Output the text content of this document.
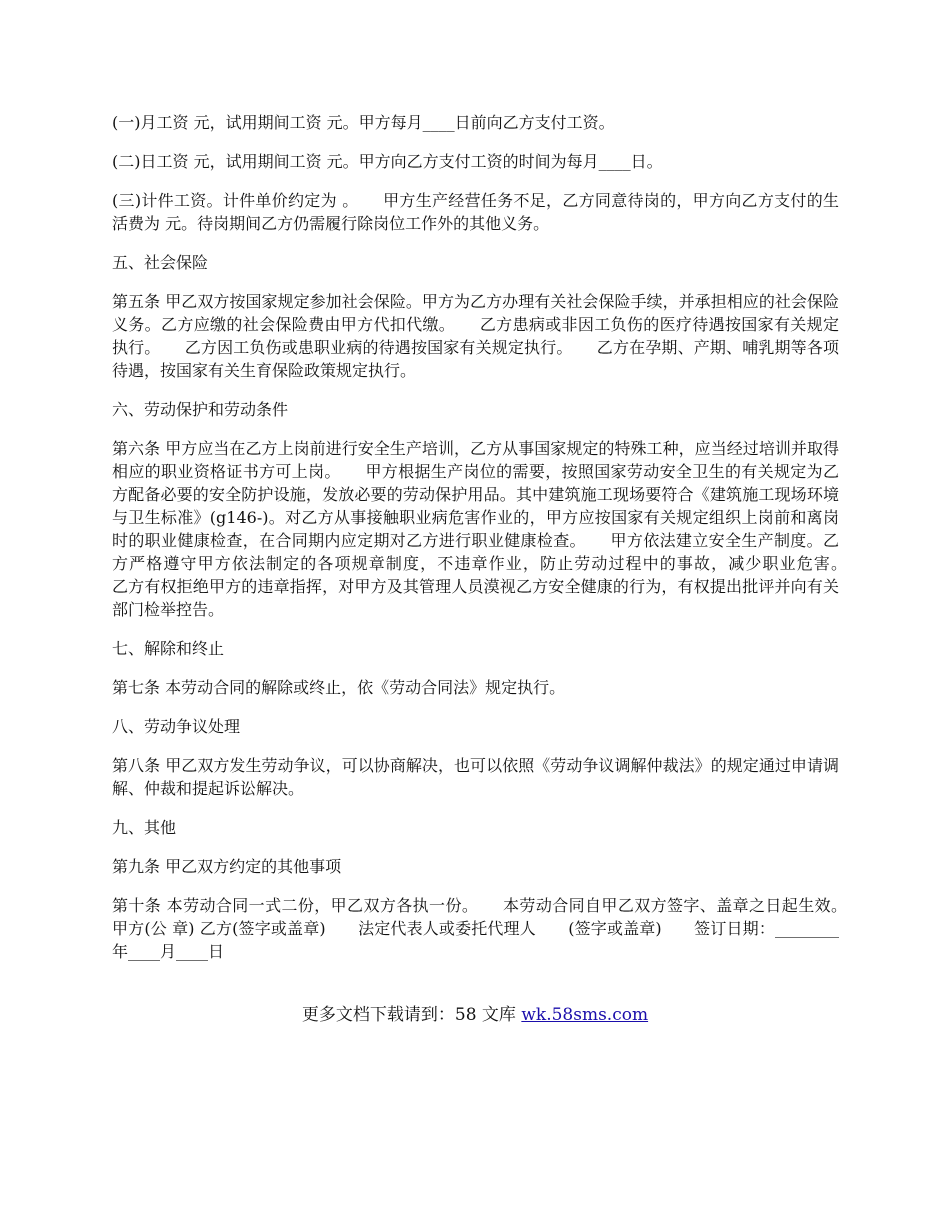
(一)月工资 元，试用期间工资 元。甲方每月____日前向乙方支付工资。

(二)日工资 元，试用期间工资 元。甲方向乙方支付工资的时间为每月____日。

(三)计件工资。计件单价约定为 。　　甲方生产经营任务不足，乙方同意待岗的，甲方向乙方支付的生活费为 元。待岗期间乙方仍需履行除岗位工作外的其他义务。

五、社会保险

第五条 甲乙双方按国家规定参加社会保险。甲方为乙方办理有关社会保险手续，并承担相应的社会保险义务。乙方应缴的社会保险费由甲方代扣代缴。　　乙方患病或非因工负伤的医疗待遇按国家有关规定执行。　　乙方因工负伤或患职业病的待遇按国家有关规定执行。　　乙方在孕期、产期、哺乳期等各项待遇，按国家有关生育保险政策规定执行。

六、劳动保护和劳动条件

第六条 甲方应当在乙方上岗前进行安全生产培训，乙方从事国家规定的特殊工种，应当经过培训并取得相应的职业资格证书方可上岗。　　甲方根据生产岗位的需要，按照国家劳动安全卫生的有关规定为乙方配备必要的安全防护设施，发放必要的劳动保护用品。其中建筑施工现场要符合《建筑施工现场环境与卫生标准》(g146-)。对乙方从事接触职业病危害作业的，甲方应按国家有关规定组织上岗前和离岗时的职业健康检查，在合同期内应定期对乙方进行职业健康检查。　　甲方依法建立安全生产制度。乙方严格遵守甲方依法制定的各项规章制度，不违章作业，防止劳动过程中的事故，减少职业危害。　　乙方有权拒绝甲方的违章指挥，对甲方及其管理人员漠视乙方安全健康的行为，有权提出批评并向有关部门检举控告。

七、解除和终止

第七条 本劳动合同的解除或终止，依《劳动合同法》规定执行。

八、劳动争议处理

第八条 甲乙双方发生劳动争议，可以协商解决，也可以依照《劳动争议调解仲裁法》的规定通过申请调解、仲裁和提起诉讼解决。

九、其他

第九条 甲乙双方约定的其他事项

第十条 本劳动合同一式二份，甲乙双方各执一份。　　本劳动合同自甲乙双方签字、盖章之日起生效。　　甲方(公 章) 乙方(签字或盖章)　　法定代表人或委托代理人　　(签字或盖章)　　签订日期：________年____月____日

更多文档下载请到：58 文库 wk.58sms.com
